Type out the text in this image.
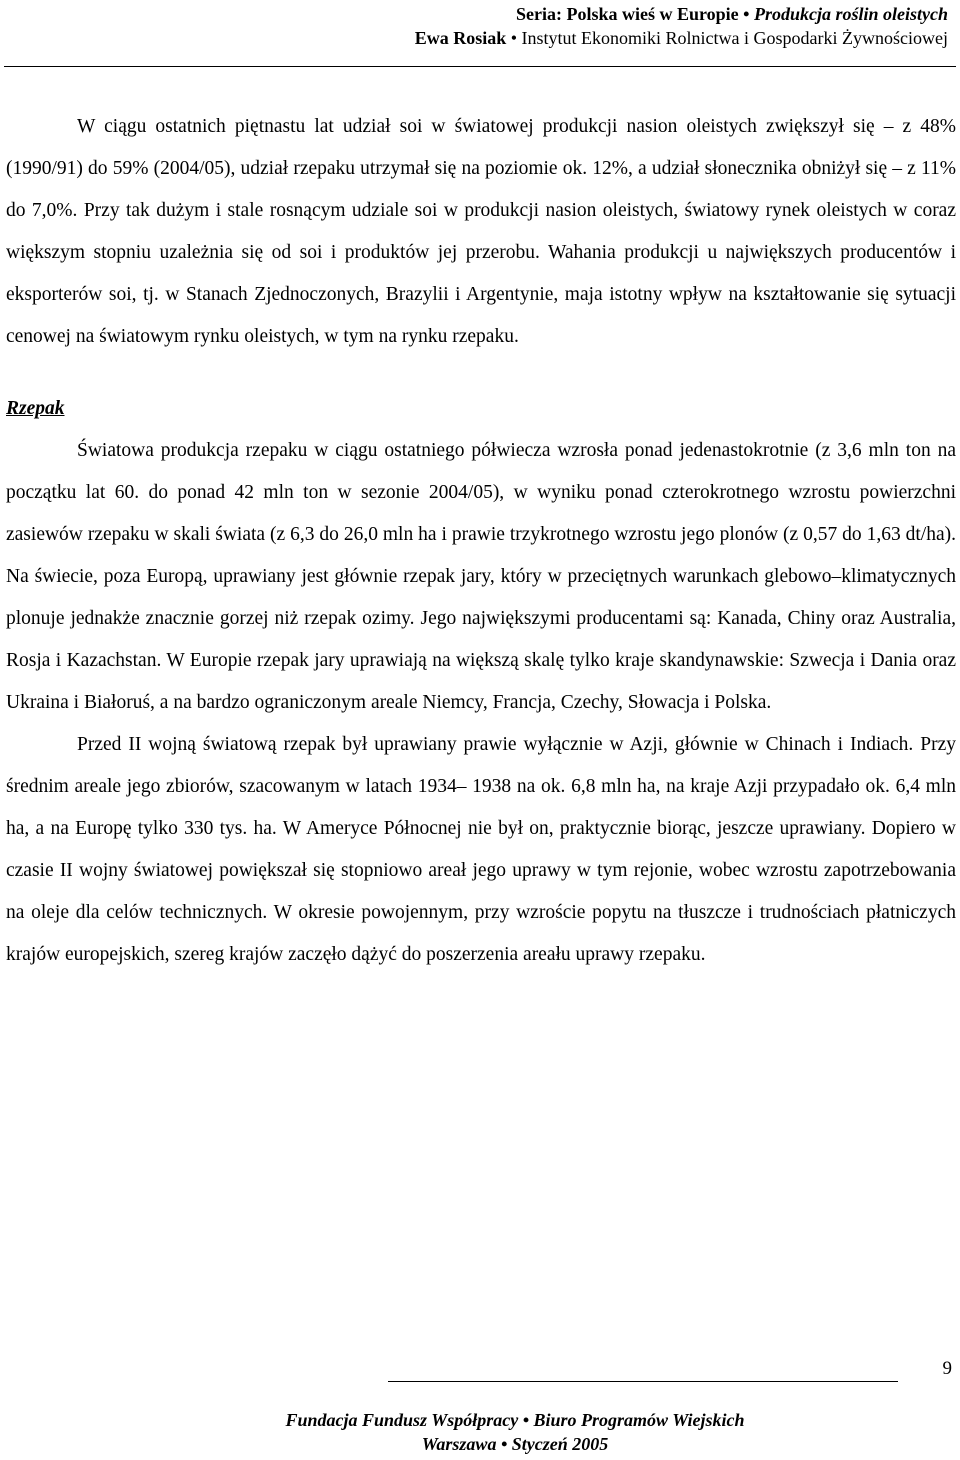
Seria: Polska wieś w Europie • Produkcja roślin oleistych
Ewa Rosiak • Instytut Ekonomiki Rolnictwa i Gospodarki Żywnościowej

W ciągu ostatnich piętnastu lat udział soi w światowej produkcji nasion oleistych zwiększył się – z 48% (1990/91) do 59% (2004/05), udział rzepaku utrzymał się na poziomie ok. 12%, a udział słonecznika obniżył się – z 11% do 7,0%. Przy tak dużym i stale rosnącym udziale soi w produkcji nasion oleistych, światowy rynek oleistych w coraz większym stopniu uzależnia się od soi i produktów jej przerobu. Wahania produkcji u największych producentów i eksporterów soi, tj. w Stanach Zjednoczonych, Brazylii i Argentynie, maja istotny wpływ na kształtowanie się sytuacji cenowej na światowym rynku oleistych, w tym na rynku rzepaku.

Rzepak

Światowa produkcja rzepaku w ciągu ostatniego półwiecza wzrosła ponad jedenastokrotnie (z 3,6 mln ton na początku lat 60. do ponad 42 mln ton w sezonie 2004/05), w wyniku ponad czterokrotnego wzrostu powierzchni zasiewów rzepaku w skali świata (z 6,3 do 26,0 mln ha i prawie trzykrotnego wzrostu jego plonów (z 0,57 do 1,63 dt/ha). Na świecie, poza Europą, uprawiany jest głównie rzepak jary, który w przeciętnych warunkach glebowo–klimatycznych plonuje jednakże znacznie gorzej niż rzepak ozimy. Jego największymi producentami są: Kanada, Chiny oraz Australia, Rosja i Kazachstan. W Europie rzepak jary uprawiają na większą skalę tylko kraje skandynawskie: Szwecja i Dania oraz Ukraina i Białoruś, a na bardzo ograniczonym areale Niemcy, Francja, Czechy, Słowacja i Polska.

Przed II wojną światową rzepak był uprawiany prawie wyłącznie w Azji, głównie w Chinach i Indiach. Przy średnim areale jego zbiorów, szacowanym w latach 1934– 1938 na ok. 6,8 mln ha, na kraje Azji przypadało ok. 6,4 mln ha, a na Europę tylko 330 tys. ha. W Ameryce Północnej nie był on, praktycznie biorąc, jeszcze uprawiany. Dopiero w czasie II wojny światowej powiększał się stopniowo areał jego uprawy w tym rejonie, wobec wzrostu zapotrzebowania na oleje dla celów technicznych. W okresie powojennym, przy wzroście popytu na tłuszcze i trudnościach płatniczych krajów europejskich, szereg krajów zaczęło dążyć do poszerzenia areału uprawy rzepaku.

9
Fundacja Fundusz Współpracy • Biuro Programów Wiejskich
Warszawa • Styczeń 2005
